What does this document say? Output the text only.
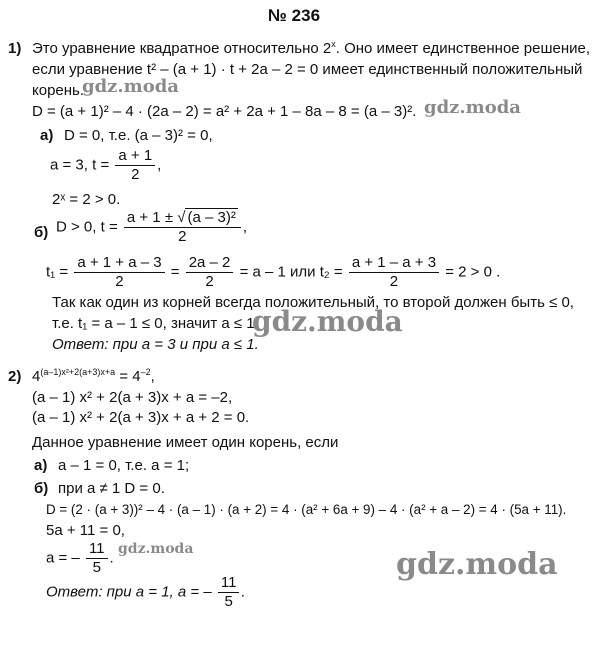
№ 236
1) Это уравнение квадратное относительно 2$^x$. Оно имеет единственное решение,
если уравнение t² – (a + 1) · t + 2a – 2 = 0 имеет единственный положительный
корень.
gdz.moda
D = (a + 1)² – 4 · (2a – 2) = a² + 2a + 1 – 8a – 8 = (a – 3)². gdz.moda
а) D = 0, т.е. (a – 3)² = 0,
a = 3, $t = \frac{a + 1}{2}$ ,
2ˣ = 2 > 0.
б) D > 0, $t = \frac{\text{a + 1 ± √ (a – 3)²}}{2}$ ,
$t_1 = \frac{a + 1 + a - 3}{2} = \frac{2a - 2}{2} = a - 1$ или $t_2 = \frac{a + 1 - a + 3}{2} = 2 > 0$ .
Так как один из корней всегда положительный, то второй должен быть ≤ 0,
т.е. t₁ = a – 1 ≤ 0, значит a ≤ 1
gdz.moda
Ответ: при a = 3 и при a ≤ 1.
2) $4^{(a-1)x^2+2(a+3)x+a} = 4^{-2}$,
(a – 1) x² + 2(a + 3)x + a = –2,
(a – 1) x² + 2(a + 3)x + a + 2 = 0.
Данное уравнение имеет один корень, если
а) a – 1 = 0, т.е. a = 1;
б) при a ≠ 1 D = 0.
D = (2 · (a + 3))² – 4 · (a – 1) · (a + 2) = 4 · (a² + 6a + 9) – 4 · (a² + a – 2) = 4 · (5a + 11).
5a + 11 = 0,
a = – $\frac{11}{5}$ .
gdz.moda	gdz.moda
Ответ: при a = 1, a = – $\frac{11}{5}$ .
